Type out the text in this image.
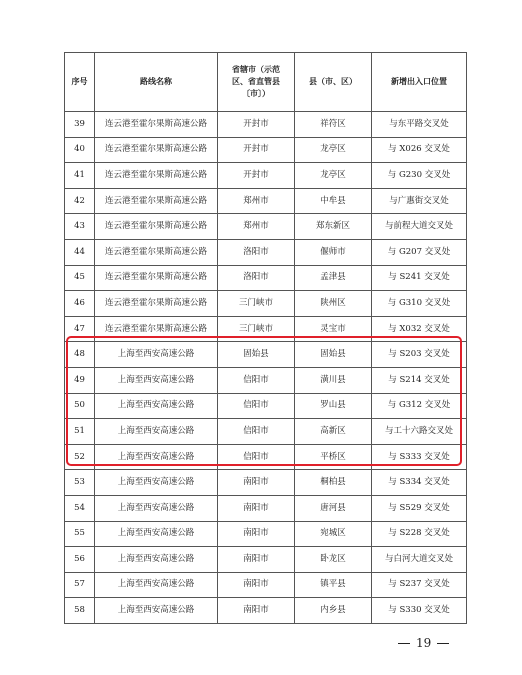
序号	路线名称	省辖市（示范区、省直管县〔市〕）	县（市、区）	新增出入口位置
39	连云港至霍尔果斯高速公路	开封市	祥符区	与东平路交叉处
40	连云港至霍尔果斯高速公路	开封市	龙亭区	与 X026 交叉处
41	连云港至霍尔果斯高速公路	开封市	龙亭区	与 G230 交叉处
42	连云港至霍尔果斯高速公路	郑州市	中牟县	与广惠街交叉处
43	连云港至霍尔果斯高速公路	郑州市	郑东新区	与前程大道交叉处
44	连云港至霍尔果斯高速公路	洛阳市	偃师市	与 G207 交叉处
45	连云港至霍尔果斯高速公路	洛阳市	孟津县	与 S241 交叉处
46	连云港至霍尔果斯高速公路	三门峡市	陕州区	与 G310 交叉处
47	连云港至霍尔果斯高速公路	三门峡市	灵宝市	与 X032 交叉处
48	上海至西安高速公路	固始县	固始县	与 S203 交叉处
49	上海至西安高速公路	信阳市	潢川县	与 S214 交叉处
50	上海至西安高速公路	信阳市	罗山县	与 G312 交叉处
51	上海至西安高速公路	信阳市	高新区	与工十六路交叉处
52	上海至西安高速公路	信阳市	平桥区	与 S333 交叉处
53	上海至西安高速公路	南阳市	桐柏县	与 S334 交叉处
54	上海至西安高速公路	南阳市	唐河县	与 S529 交叉处
55	上海至西安高速公路	南阳市	宛城区	与 S228 交叉处
56	上海至西安高速公路	南阳市	卧龙区	与白河大道交叉处
57	上海至西安高速公路	南阳市	镇平县	与 S237 交叉处
58	上海至西安高速公路	南阳市	内乡县	与 S330 交叉处
19
